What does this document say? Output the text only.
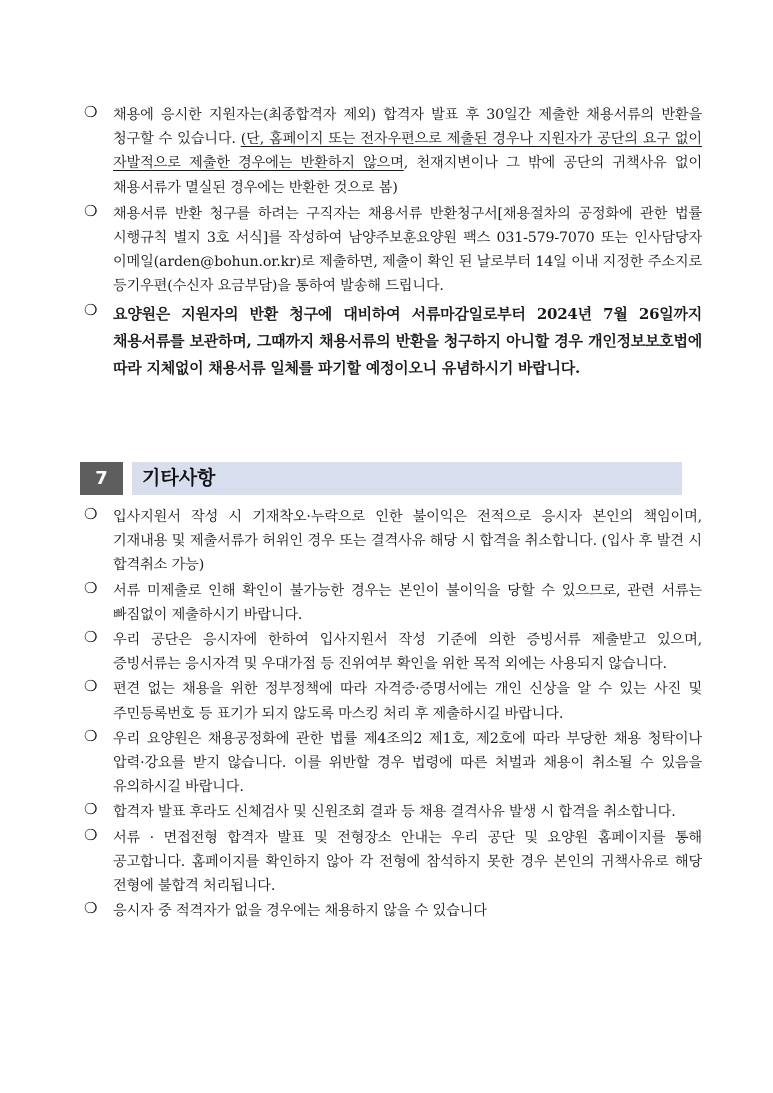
❍ 채용에 응시한 지원자는(최종합격자 제외) 합격자 발표 후 30일간 제출한 채용서류의 반환을 청구할 수 있습니다. (단, 홈페이지 또는 전자우편으로 제출된 경우나 지원자가 공단의 요구 없이 자발적으로 제출한 경우에는 반환하지 않으며, 천재지변이나 그 밖에 공단의 귀책사유 없이 채용서류가 멸실된 경우에는 반환한 것으로 봄)
❍ 채용서류 반환 청구를 하려는 구직자는 채용서류 반환청구서[채용절차의 공정화에 관한 법률 시행규칙 별지 3호 서식]를 작성하여 남양주보훈요양원 팩스 031-579-7070 또는 인사담당자 이메일(arden@bohun.or.kr)로 제출하면, 제출이 확인 된 날로부터 14일 이내 지정한 주소지로 등기우편(수신자 요금부담)을 통하여 발송해 드립니다.
❍ 요양원은 지원자의 반환 청구에 대비하여 서류마감일로부터 2024년 7월 26일까지 채용서류를 보관하며, 그때까지 채용서류의 반환을 청구하지 아니할 경우 개인정보보호법에 따라 지체없이 채용서류 일체를 파기할 예정이오니 유념하시기 바랍니다.
7	기타사항
❍ 입사지원서 작성 시 기재착오·누락으로 인한 불이익은 전적으로 응시자 본인의 책임이며, 기재내용 및 제출서류가 허위인 경우 또는 결격사유 해당 시 합격을 취소합니다. (입사 후 발견 시 합격취소 가능)
❍ 서류 미제출로 인해 확인이 불가능한 경우는 본인이 불이익을 당할 수 있으므로, 관련 서류는 빠짐없이 제출하시기 바랍니다.
❍ 우리 공단은 응시자에 한하여 입사지원서 작성 기준에 의한 증빙서류 제출받고 있으며, 증빙서류는 응시자격 및 우대가점 등 진위여부 확인을 위한 목적 외에는 사용되지 않습니다.
❍ 편견 없는 채용을 위한 정부정책에 따라 자격증·증명서에는 개인 신상을 알 수 있는 사진 및 주민등록번호 등 표기가 되지 않도록 마스킹 처리 후 제출하시길 바랍니다.
❍ 우리 요양원은 채용공정화에 관한 법률 제4조의2 제1호, 제2호에 따라 부당한 채용 청탁이나 압력·강요를 받지 않습니다. 이를 위반할 경우 법령에 따른 처벌과 채용이 취소될 수 있음을 유의하시길 바랍니다.
❍ 합격자 발표 후라도 신체검사 및 신원조회 결과 등 채용 결격사유 발생 시 합격을 취소합니다.
❍ 서류 · 면접전형 합격자 발표 및 전형장소 안내는 우리 공단 및 요양원 홈페이지를 통해 공고합니다. 홈페이지를 확인하지 않아 각 전형에 참석하지 못한 경우 본인의 귀책사유로 해당 전형에 불합격 처리됩니다.
❍ 응시자 중 적격자가 없을 경우에는 채용하지 않을 수 있습니다
